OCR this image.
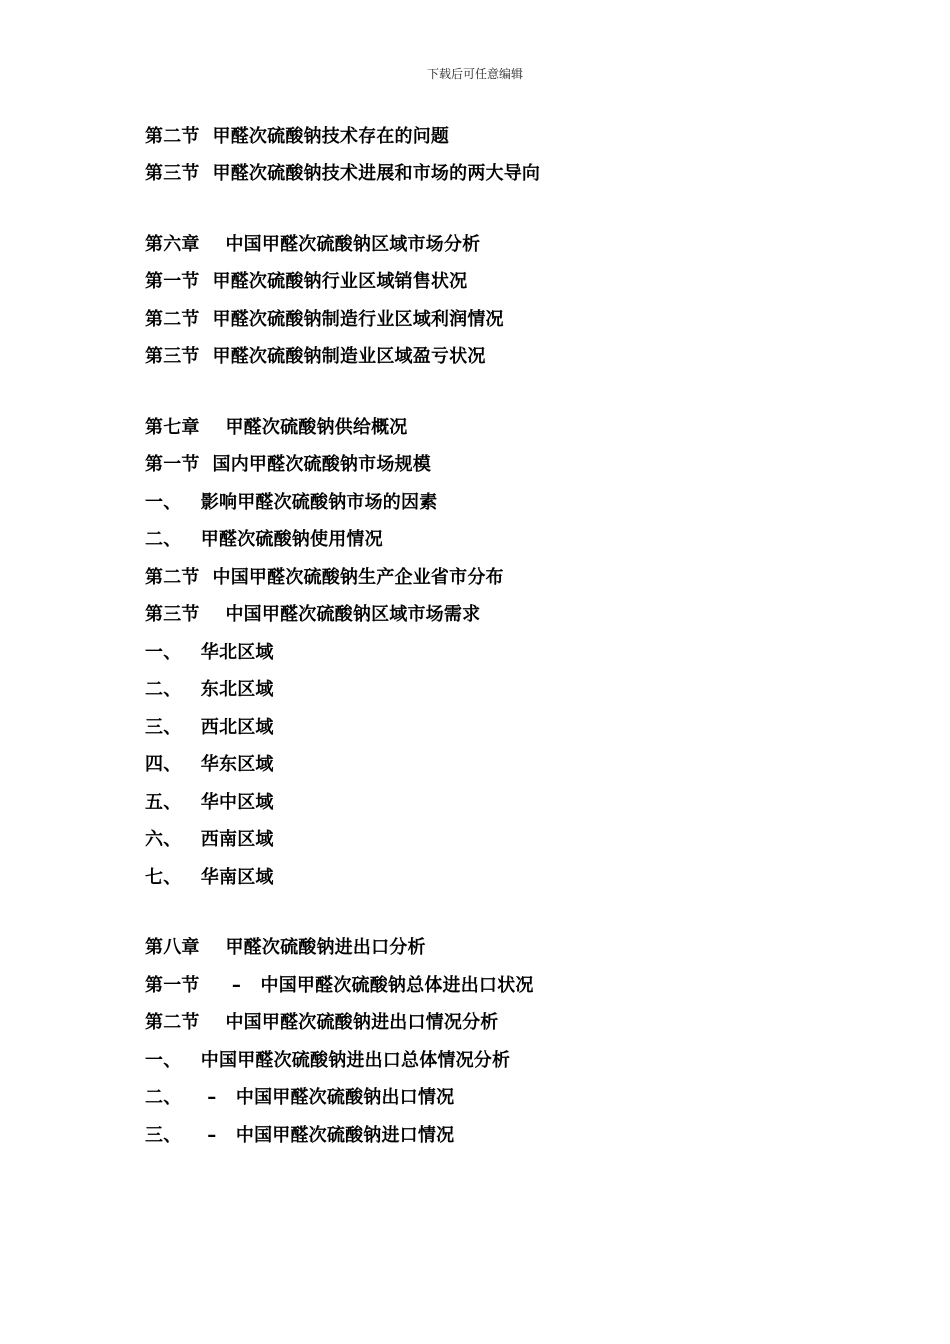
下载后可任意编辑
第二节  甲醛次硫酸钠技术存在的问题
第三节  甲醛次硫酸钠技术进展和市场的两大导向
第六章    中国甲醛次硫酸钠区域市场分析
第一节  甲醛次硫酸钠行业区域销售状况
第二节  甲醛次硫酸钠制造行业区域利润情况
第三节  甲醛次硫酸钠制造业区域盈亏状况
第七章    甲醛次硫酸钠供给概况
第一节  国内甲醛次硫酸钠市场规模
一、   影响甲醛次硫酸钠市场的因素
二、   甲醛次硫酸钠使用情况
第二节  中国甲醛次硫酸钠生产企业省市分布
第三节    中国甲醛次硫酸钠区域市场需求
一、   华北区域
二、   东北区域
三、   西北区域
四、   华东区域
五、   华中区域
六、   西南区域
七、   华南区域
第八章    甲醛次硫酸钠进出口分析
第一节     –   中国甲醛次硫酸钠总体进出口状况
第二节    中国甲醛次硫酸钠进出口情况分析
一、   中国甲醛次硫酸钠进出口总体情况分析
二、    –   中国甲醛次硫酸钠出口情况
三、    –   中国甲醛次硫酸钠进口情况
